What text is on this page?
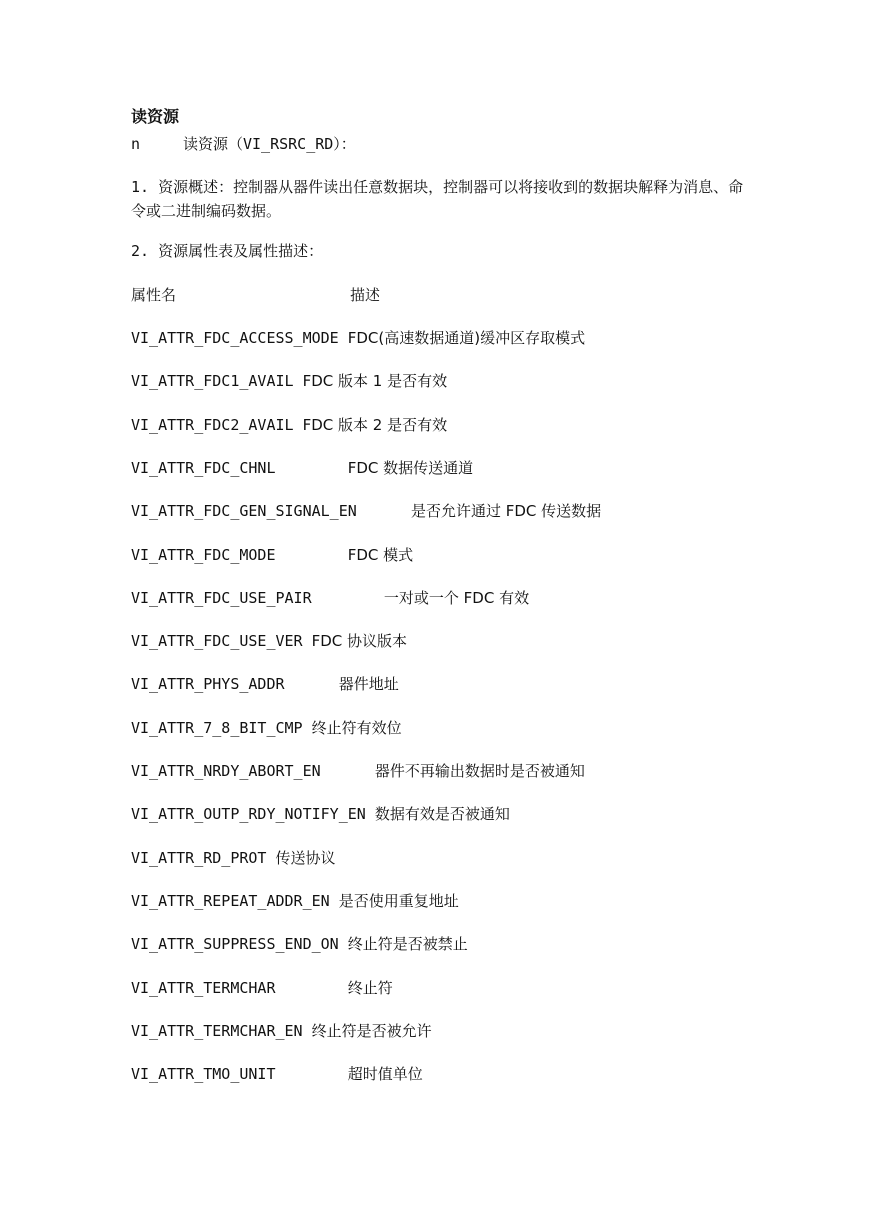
读资源
n	读资源（VI_RSRC_RD）：
1. 资源概述：控制器从器件读出任意数据块，控制器可以将接收到的数据块解释为消息、命令或二进制编码数据。
2. 资源属性表及属性描述：
属性名	描述
VI_ATTR_FDC_ACCESS_MODE FDC(高速数据通道)缓冲区存取模式
VI_ATTR_FDC1_AVAIL FDC 版本 1 是否有效
VI_ATTR_FDC2_AVAIL FDC 版本 2 是否有效
VI_ATTR_FDC_CHNL        FDC 数据传送通道
VI_ATTR_FDC_GEN_SIGNAL_EN      是否允许通过 FDC 传送数据
VI_ATTR_FDC_MODE        FDC 模式
VI_ATTR_FDC_USE_PAIR        一对或一个 FDC 有效
VI_ATTR_FDC_USE_VER FDC 协议版本
VI_ATTR_PHYS_ADDR      器件地址
VI_ATTR_7_8_BIT_CMP 终止符有效位
VI_ATTR_NRDY_ABORT_EN      器件不再输出数据时是否被通知
VI_ATTR_OUTP_RDY_NOTIFY_EN 数据有效是否被通知
VI_ATTR_RD_PROT 传送协议
VI_ATTR_REPEAT_ADDR_EN 是否使用重复地址
VI_ATTR_SUPPRESS_END_ON 终止符是否被禁止
VI_ATTR_TERMCHAR        终止符
VI_ATTR_TERMCHAR_EN 终止符是否被允许
VI_ATTR_TMO_UNIT        超时值单位
